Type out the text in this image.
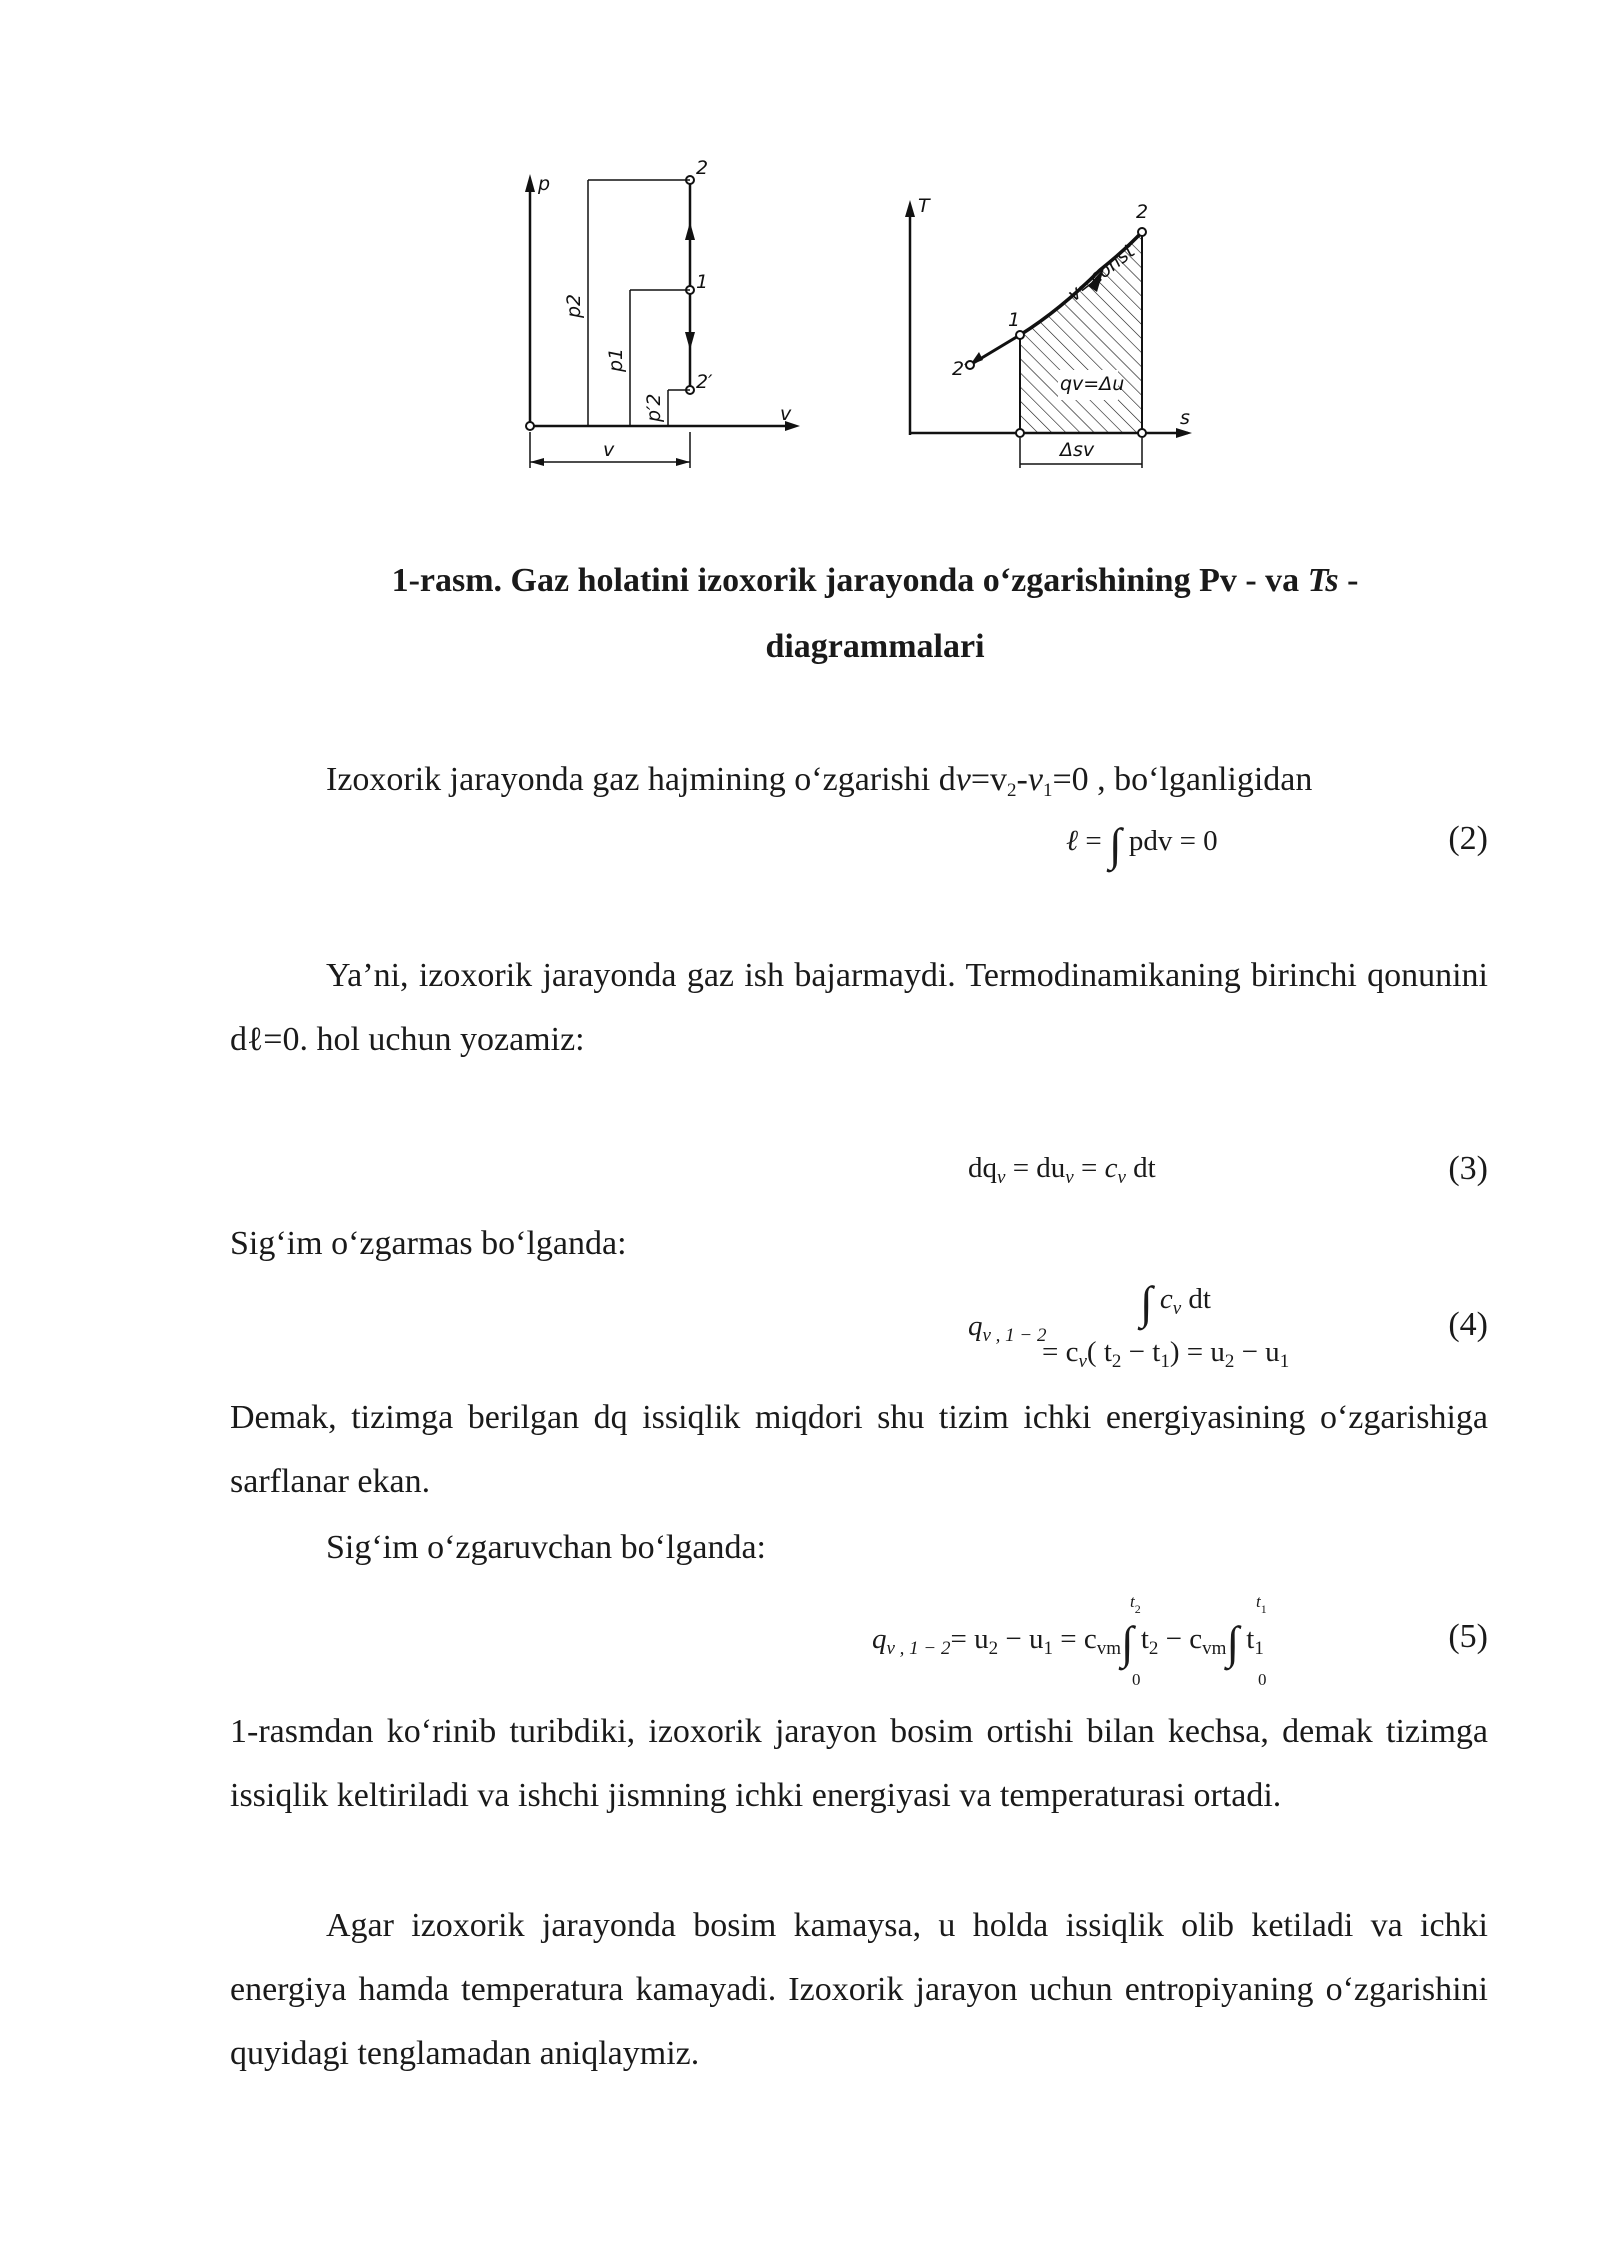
p
v
2
1
2′
p2
p1
p′2
v
T
s
qv=Δu
2′
1
2
v=const
Δsv
1-rasm. Gaz holatini izoxorik jarayonda o‘zgarishining Pv - va Ts -
diagrammalari
Izoxorik jarayonda gaz hajmining o‘zgarishi $dv=v_2-v_1=0$ , bo‘lganligidan
ℓ = ∫ pdv = 0	(2)
Ya’ni, izoxorik jarayonda gaz ish bajarmaydi. Termodinamikaning birinchi qonunini dℓ=0. hol uchun yozamiz:
$dq_v = du_v = c_v$ dt	(3)
Sig‘im o‘zgarmas bo‘lganda:
∫ $c_v$ dt
$q_{v , 1 - 2}$
= $c_v$( $t_2 - t_1) = u_2 - u_1$
(4)
Demak, tizimga berilgan dq issiqlik miqdori shu tizim ichki energiyasining o‘zgarishiga sarflanar ekan.
Sig‘im o‘zgaruvchan bo‘lganda:
$q_{v , 1 - 2}= u_2 - u_1 = c_{vm}\int$ $t_2 - c_{vm}\int$ $t_1$
$t_2$
0
$t_1$
0
(5)
1-rasmdan ko‘rinib turibdiki, izoxorik jarayon bosim ortishi bilan kechsa, demak tizimga issiqlik keltiriladi va ishchi jismning ichki energiyasi va temperaturasi ortadi.
Agar izoxorik jarayonda bosim kamaysa, u holda issiqlik olib ketiladi va ichki energiya hamda temperatura kamayadi. Izoxorik jarayon uchun entropiyaning o‘zgarishini quyidagi tenglamadan aniqlaymiz.
